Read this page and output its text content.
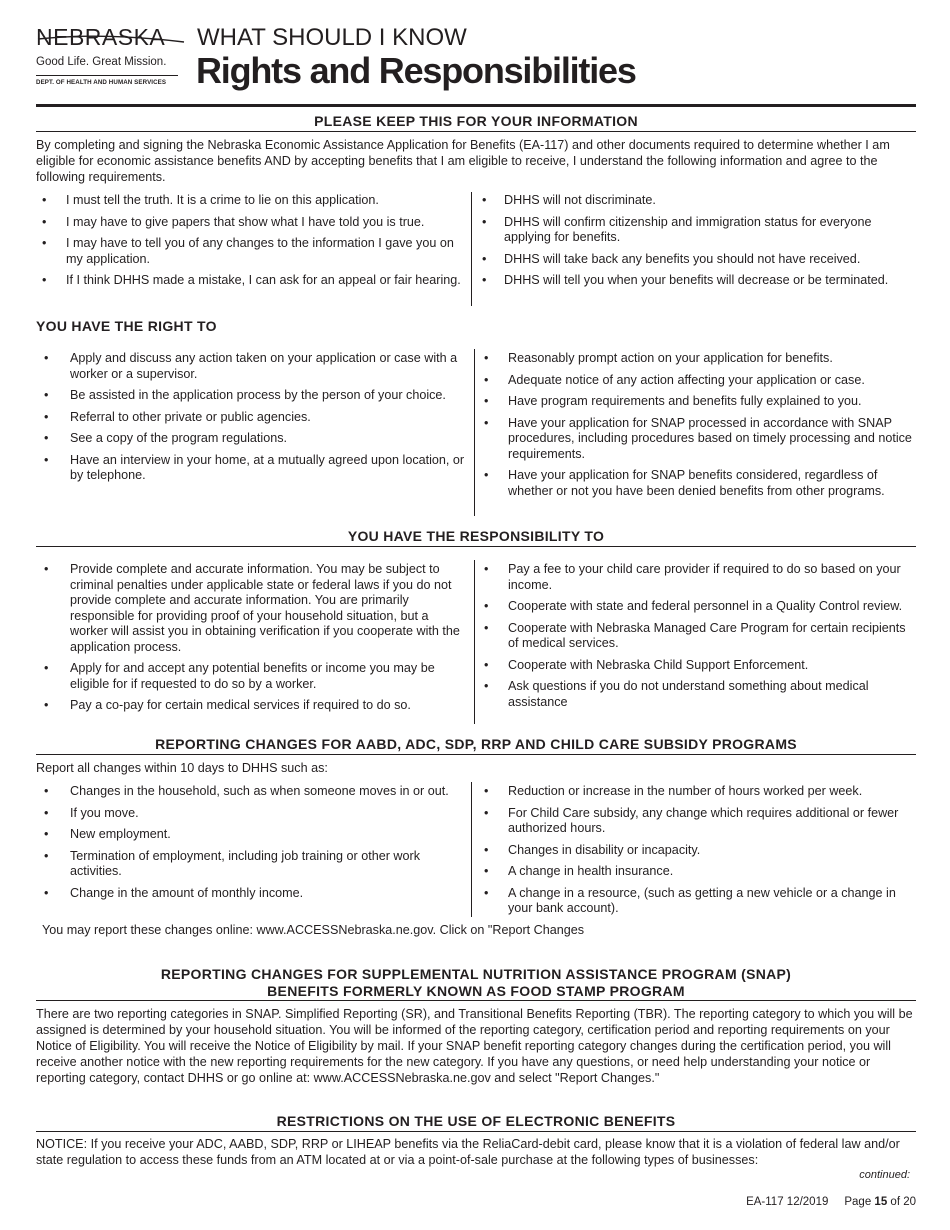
NEBRASKA
Good Life. Great Mission.
DEPT. OF HEALTH AND HUMAN SERVICES
WHAT SHOULD I KNOW
Rights and Responsibilities
PLEASE KEEP THIS FOR YOUR INFORMATION
By completing and signing the Nebraska Economic Assistance Application for Benefits (EA-117) and other documents required to determine whether I am eligible for economic assistance benefits AND by accepting benefits that I am eligible to receive, I understand the following information and agree to the following requirements.
• I must tell the truth. It is a crime to lie on this application.
• I may have to give papers that show what I have told you is true.
• I may have to tell you of any changes to the information I gave you on my application.
• If I think DHHS made a mistake, I can ask for an appeal or fair hearing.
• DHHS will not discriminate.
• DHHS will confirm citizenship and immigration status for everyone applying for benefits.
• DHHS will take back any benefits you should not have received.
• DHHS will tell you when your benefits will decrease or be terminated.
YOU HAVE THE RIGHT TO
• Apply and discuss any action taken on your application or case with a worker or a supervisor.
• Be assisted in the application process by the person of your choice.
• Referral to other private or public agencies.
• See a copy of the program regulations.
• Have an interview in your home, at a mutually agreed upon location, or by telephone.
• Reasonably prompt action on your application for benefits.
• Adequate notice of any action affecting your application or case.
• Have program requirements and benefits fully explained to you.
• Have your application for SNAP processed in accordance with SNAP procedures, including procedures based on timely processing and notice requirements.
• Have your application for SNAP benefits considered, regardless of whether or not you have been denied benefits from other programs.
YOU HAVE THE RESPONSIBILITY TO
• Provide complete and accurate information. You may be subject to criminal penalties under applicable state or federal laws if you do not provide complete and accurate information. You are primarily responsible for providing proof of your household situation, but a worker will assist you in obtaining verification if you cooperate with the application process.
• Apply for and accept any potential benefits or income you may be eligible for if requested to do so by a worker.
• Pay a co-pay for certain medical services if required to do so.
• Pay a fee to your child care provider if required to do so based on your income.
• Cooperate with state and federal personnel in a Quality Control review.
• Cooperate with Nebraska Managed Care Program for certain recipients of medical services.
• Cooperate with Nebraska Child Support Enforcement.
• Ask questions if you do not understand something about medical assistance
REPORTING CHANGES FOR AABD, ADC, SDP, RRP AND CHILD CARE SUBSIDY PROGRAMS
Report all changes within 10 days to DHHS such as:
• Changes in the household, such as when someone moves in or out.
• If you move.
• New employment.
• Termination of employment, including job training or other work activities.
• Change in the amount of monthly income.
• Reduction or increase in the number of hours worked per week.
• For Child Care subsidy, any change which requires additional or fewer authorized hours.
• Changes in disability or incapacity.
• A change in health insurance.
• A change in a resource, (such as getting a new vehicle or a change in your bank account).
You may report these changes online: www.ACCESSNebraska.ne.gov. Click on "Report Changes
REPORTING CHANGES FOR SUPPLEMENTAL NUTRITION ASSISTANCE PROGRAM (SNAP)
BENEFITS FORMERLY KNOWN AS FOOD STAMP PROGRAM
There are two reporting categories in SNAP. Simplified Reporting (SR), and Transitional Benefits Reporting (TBR). The reporting category to which you will be assigned is determined by your household situation. You will be informed of the reporting category, certification period and reporting requirements on your Notice of Eligibility. You will receive the Notice of Eligibility by mail. If your SNAP benefit reporting category changes during the certification period, you will receive another notice with the new reporting requirements for the new category. If you have any questions, or need help understanding your notice or reporting category, contact DHHS or go online at: www.ACCESSNebraska.ne.gov and select "Report Changes."
RESTRICTIONS ON THE USE OF ELECTRONIC BENEFITS
NOTICE: If you receive your ADC, AABD, SDP, RRP or LIHEAP benefits via the ReliaCard-debit card, please know that it is a violation of federal law and/or state regulation to access these funds from an ATM located at or via a point-of-sale purchase at the following types of businesses:
continued:
EA-117 12/2019 Page 15 of 20
